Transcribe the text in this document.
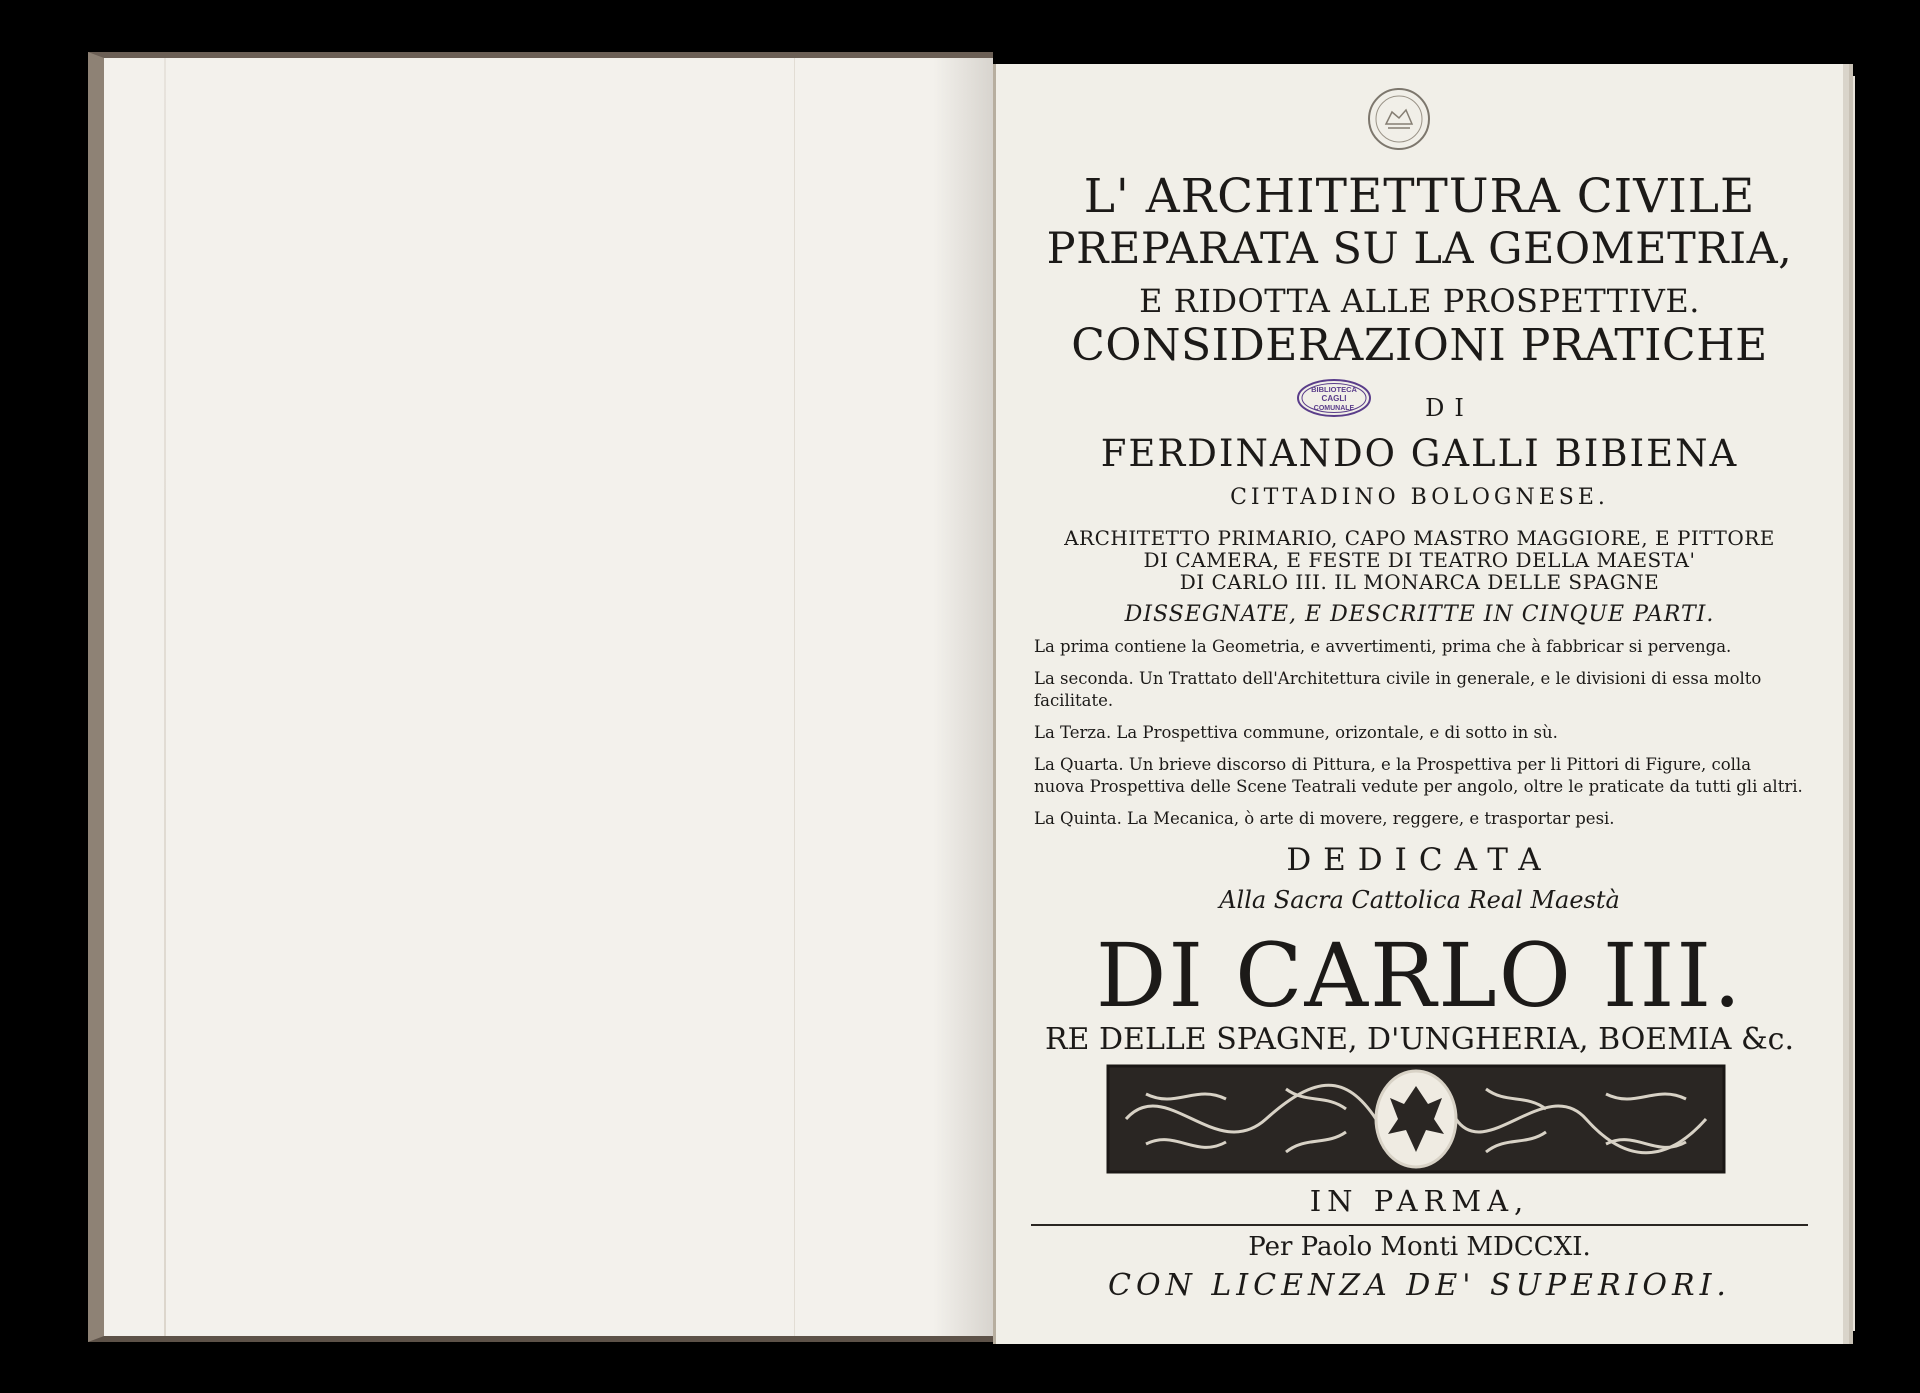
L' ARCHITETTURA CIVILE
PREPARATA SU LA GEOMETRIA,
E RIDOTTA ALLE PROSPETTIVE.
CONSIDERAZIONI PRATICHE
BIBLIOTECA
CAGLI
COMUNALE	DI
FERDINANDO GALLI BIBIENA
CITTADINO BOLOGNESE.
ARCHITETTO PRIMARIO, CAPO MASTRO MAGGIORE, E PITTORE
DI CAMERA, E FESTE DI TEATRO DELLA MAESTA'
DI CARLO III. IL MONARCA DELLE SPAGNE
DISSEGNATE, E DESCRITTE IN CINQUE PARTI.

La prima contiene la Geometria, e avvertimenti, prima che à fabbricar si pervenga.

La seconda. Un Trattato dell'Architettura civile in generale, e le divisioni di essa molto facilitate.

La Terza. La Prospettiva commune, orizontale, e di sotto in sù.

La Quarta. Un brieve discorso di Pittura, e la Prospettiva per li Pittori di Figure, colla nuova Prospettiva delle Scene Teatrali vedute per angolo, oltre le praticate da tutti gli altri.

La Quinta. La Mecanica, ò arte di movere, reggere, e trasportar pesi.

DEDICATA
Alla Sacra Cattolica Real Maestà
DI CARLO III.
RE DELLE SPAGNE, D'UNGHERIA, BOEMIA &c.
IN PARMA,
Per Paolo Monti MDCCXI.
CON LICENZA DE' SUPERIORI.
